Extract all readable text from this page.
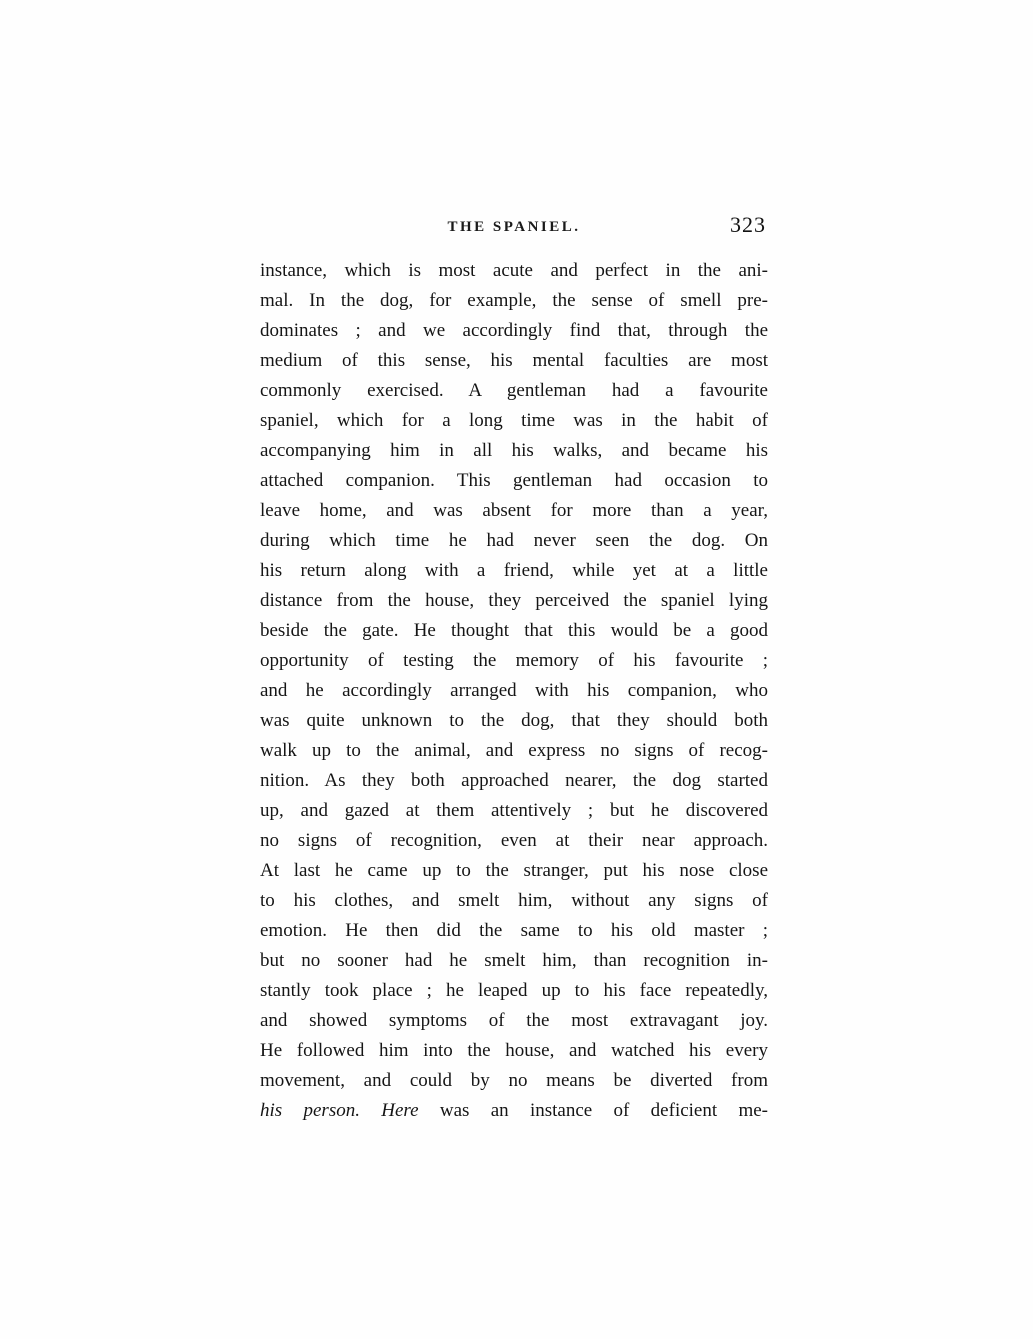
THE SPANIEL.	323
instance, which is most acute and perfect in the ani-
mal. In the dog, for example, the sense of smell pre-
dominates ; and we accordingly find that, through the
medium of this sense, his mental faculties are most
commonly exercised. A gentleman had a favourite
spaniel, which for a long time was in the habit of
accompanying him in all his walks, and became his
attached companion. This gentleman had occasion to
leave home, and was absent for more than a year,
during which time he had never seen the dog. On
his return along with a friend, while yet at a little
distance from the house, they perceived the spaniel lying
beside the gate. He thought that this would be a good
opportunity of testing the memory of his favourite ;
and he accordingly arranged with his companion, who
was quite unknown to the dog, that they should both
walk up to the animal, and express no signs of recog-
nition. As they both approached nearer, the dog started
up, and gazed at them attentively ; but he discovered
no signs of recognition, even at their near approach.
At last he came up to the stranger, put his nose close
to his clothes, and smelt him, without any signs of
emotion. He then did the same to his old master ;
but no sooner had he smelt him, than recognition in-
stantly took place ; he leaped up to his face repeatedly,
and showed symptoms of the most extravagant joy.
He followed him into the house, and watched his every
movement, and could by no means be diverted from
his person. Here was an instance of deficient me-
